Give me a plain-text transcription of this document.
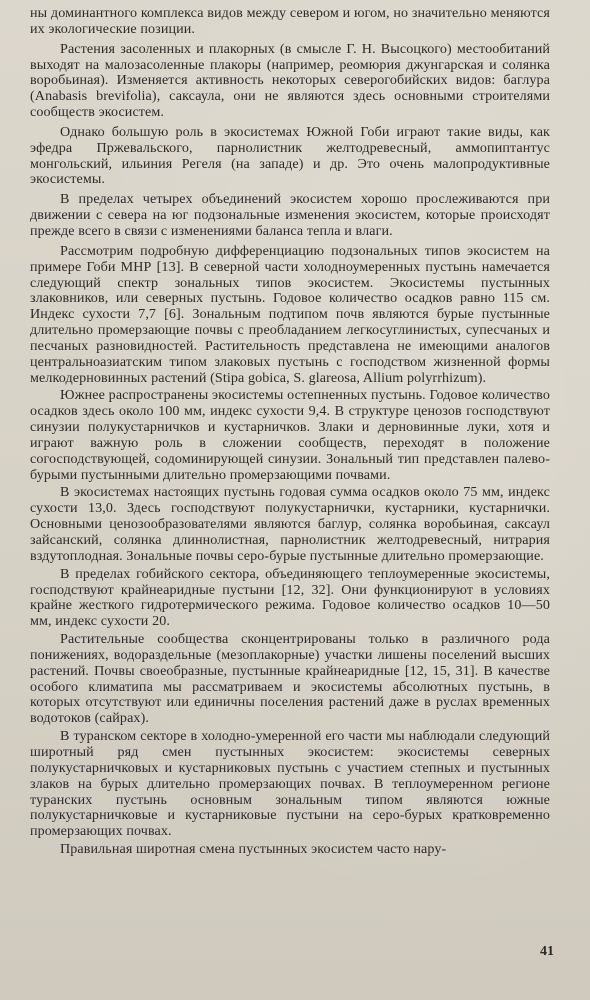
ны доминантного комплекса видов между севером и югом, но значительно меняются их экологические позиции.

Растения засоленных и плакорных (в смысле Г. Н. Высоцкого) местообитаний выходят на малозасоленные плакоры (например, реомюрия джунгарская и солянка воробьиная). Изменяется активность некоторых северогобийских видов: баглура (Anabasis brevifolia), саксаула, они не являются здесь основными строителями сообществ экосистем.

Однако большую роль в экосистемах Южной Гоби играют такие виды, как эфедра Пржевальского, парнолистник желтодревесный, аммопиптантус монгольский, ильиния Регеля (на западе) и др. Это очень малопродуктивные экосистемы.

В пределах четырех объединений экосистем хорошо прослеживаются при движении с севера на юг подзональные изменения экосистем, которые происходят прежде всего в связи с изменениями баланса тепла и влаги.

Рассмотрим подробную дифференциацию подзональных типов экосистем на примере Гоби МНР [13]. В северной части холодноумеренных пустынь намечается следующий спектр зональных типов экосистем. Экосистемы пустынных злаковников, или северных пустынь. Годовое количество осадков равно 115 см. Индекс сухости 7,7 [6]. Зональным подтипом почв являются бурые пустынные длительно промерзающие почвы с преобладанием легкосуглинистых, супесчаных и песчаных разновидностей. Растительность представлена не имеющими аналогов центральноазиатским типом злаковых пустынь с господством жизненной формы мелкодерновинных растений (Stipa gobica, S. glareosa, Allium polyrrhizum).

Южнее распространены экосистемы остепненных пустынь. Годовое количество осадков здесь около 100 мм, индекс сухости 9,4. В структуре ценозов господствуют синузии полукустарничков и кустарничков. Злаки и дерновинные луки, хотя и играют важную роль в сложении сообществ, переходят в положение согосподствующей, содоминирующей синузии. Зональный тип представлен палево-бурыми пустынными длительно промерзающими почвами.

В экосистемах настоящих пустынь годовая сумма осадков около 75 мм, индекс сухости 13,0. Здесь господствуют полукустарнички, кустарники, кустарнички. Основными ценозообразователями являются баглур, солянка воробьиная, саксаул зайсанский, солянка длиннолистная, парнолистник желтодревесный, нитрария вздутоплодная. Зональные почвы серо-бурые пустынные длительно промерзающие.

В пределах гобийского сектора, объединяющего теплоумеренные экосистемы, господствуют крайнеаридные пустыни [12, 32]. Они функционируют в условиях крайне жесткого гидротермического режима. Годовое количество осадков 10—50 мм, индекс сухости 20.

Растительные сообщества сконцентрированы только в различного рода понижениях, водораздельные (мезоплакорные) участки лишены поселений высших растений. Почвы своеобразные, пустынные крайнеаридные [12, 15, 31]. В качестве особого климатипа мы рассматриваем и экосистемы абсолютных пустынь, в которых отсутствуют или единичны поселения растений даже в руслах временных водотоков (сайрах).

В туранском секторе в холодно-умеренной его части мы наблюдали следующий широтный ряд смен пустынных экосистем: экосистемы северных полукустарничковых и кустарниковых пустынь с участием степных и пустынных злаков на бурых длительно промерзающих почвах. В теплоумеренном регионе туранских пустынь основным зональным типом являются южные полукустарничковые и кустарниковые пустыни на серо-бурых кратковременно промерзающих почвах.

Правильная широтная смена пустынных экосистем часто нару-

41
